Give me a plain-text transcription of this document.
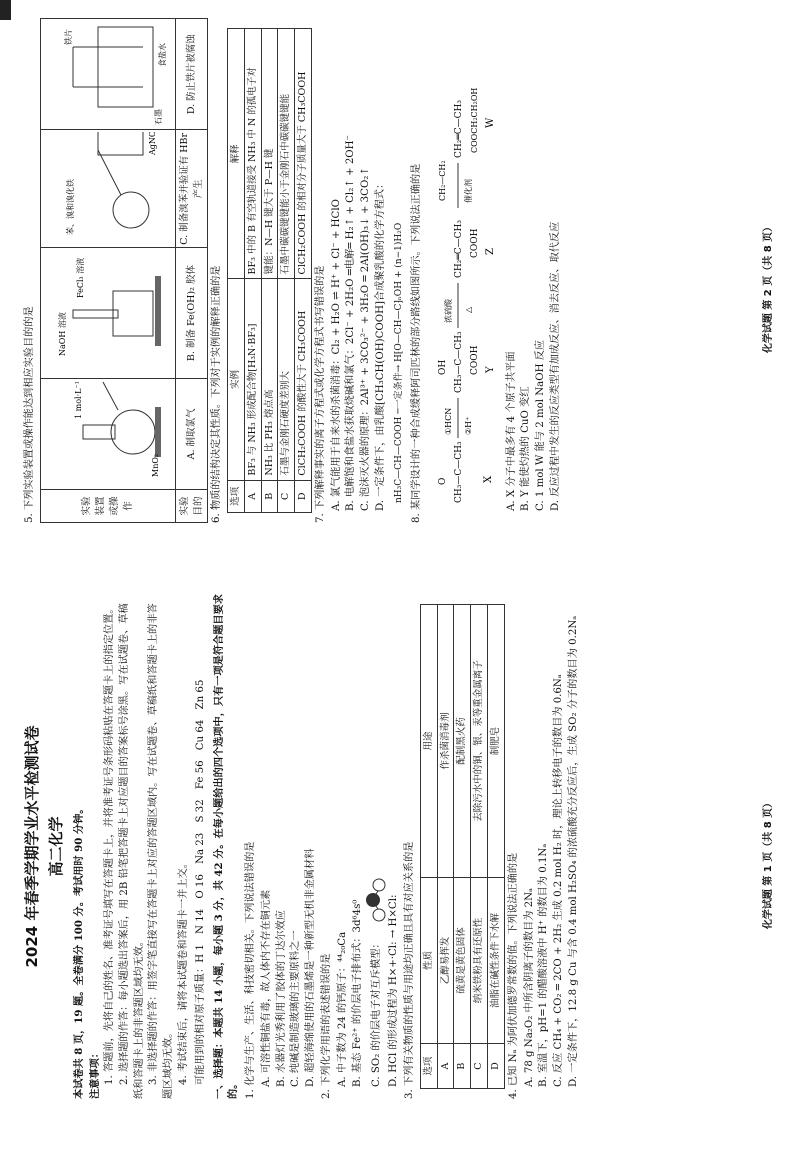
2024 年春季学期学业水平检测试卷 高二化学 本试卷共 8 页，19 题。全卷满分 100 分。考试用时 90 分钟。 注意事项： 1. 答题前，先将自己的姓名、准考证号填写在答题卡上，并将准考证号条形码粘贴在答题卡上的指定位置。 2. 选择题的作答：每小题选出答案后，用 2B 铅笔把答题卡上对应题目的答案标号涂黑。写在试题卷、草稿纸和答题卡上的非答题区域均无效。 3. 非选择题的作答：用签字笔直接写在答题卡上对应的答题区域内。写在试题卷、草稿纸和答题卡上的非答题区域均无效。 4. 考试结束后，请将本试题卷和答题卡一并上交。 可能用到的相对原子质量：H 1　N 14　O 16　Na 23　S 32　Fe 56　Cu 64　Zn 65 一、选择题：本题共 14 小题，每小题 3 分，共 42 分。在每小题给出的四个选项中，只有一项是符合题目要求的。 1. 化学与生产、生活、科技密切相关。下列说法错误的是 A. 可溶性铜盐有毒，故人体内不存在铜元素 B. 水器灯光秀利用了胶体的丁达尔效应 C. 纯碱是制造玻璃的主要原料之一 D. 超轻海绵使用的石墨烯是一种新型无机非金属材料 2. 下列化学用语的表述错误的是 A. 中子数为 24 的钙原子：⁴⁴₂₀Ca B. 基态 Fe²⁺ 的价层电子排布式：3d⁶4s⁰ C. SO₂ 的价层电子对互斥模型： D. HCl 的形成过程为 H×+·Cl: → H×Cl: 3. 下列有关物质的性质与用途均正确且具有对应关系的是 选项	性质	用途
A	乙醇易挥发	作杀菌消毒剂
B	硫黄是黄色固体	配制黑火药
C	纳米铁粉具有还原性	去除污水中的铜、银、汞等重金属离子
D	油脂在碱性条件下水解	制肥皂

4. 已知 Nₐ 为阿伏加德罗常数的值。下列说法正确的是 A. 78 g Na₂O₂ 中所含阴离子的数目为 2Nₐ B. 室温下，pH=1 的醋酸溶液中 H⁺ 的数目为 0.1Nₐ C. 反应 CH₄ + CO₂ ═ 2CO + 2H₂ 生成 0.2 mol H₂ 时，理论上转移电子的数目为 0.6Nₐ D. 一定条件下，12.8 g Cu 与含 0.4 mol H₂SO₄ 的浓硫酸充分反应后，生成 SO₂ 分子的数目为 0.2Nₐ	化学试题 第 1 页（共 8 页）

5. 下列实验装置或操作能达到相应实验目的的是	实验装置或操作	1 mol·L⁻¹ 盐酸
MnO₂	NaOH 溶液
FeCl₃ 溶液	苯、溴和溴化铁	铁片
石墨
食盐水

实验目的	A. 制取氯气	B. 制备 Fe(OH)₂ 胶体	C. 制备溴苯并验证有 HBr 产生	D. 防止铁片被腐蚀

6. 物质的结构决定其性质。下列对于实例的解释正确的是 选项	实例	解释
A	BF₃ 与 NH₃ 形成配合物[H₃N·BF₃]	BF₃ 中的 B 有空轨道接受 NH₃ 中 N 的孤电子对
B	NH₃ 比 PH₃ 熔点高	键能：N—H 键大于 P—H 键
C	石墨与金刚石硬度差别大	石墨中碳碳键键能小于金刚石中碳碳键键能
D	ClCH₂COOH 的酸性大于 CH₃COOH	ClCH₂COOH 的相对分子质量大于 CH₃COOH

7. 下列解释事实的离子方程式或化学方程式书写错误的是 A. 氯气能用于自来水的杀菌消毒：Cl₂ + H₂O ⇌ H⁺ + Cl⁻ + HClO B. 电解饱和食盐水获取烧碱和氯气：2Cl⁻ + 2H₂O ═电解═ H₂↑ + Cl₂↑ + 2OH⁻ C. 泡沫灭火器的原理：2Al³⁺ + 3CO₃²⁻ + 3H₂O ═ 2Al(OH)₃↓ + 3CO₂↑ D. 一定条件下，由乳酸[CH₃CH(OH)COOH]合成聚乳酸的化学方程式： nH₃C—CH—COOH ─一定条件→ H⁅O—CH—C⁆ₙOH + (n−1)H₂O 8. 某同学设计的一种合成缓释阿司匹林的部分路线如图所示。下列说法正确的是	CH₃—C—CH₃
O	X
①HCN ②H⁺
CH₃—C—CH₃
OH COOH Y
浓硫酸 △
CH₂═C—CH₃ COOH Z
催化剂
CH₂—CH₂
CH₂═C—CH₃ COOCH₂CH₂OH W

A. X 分子中最多有 4 个原子共平面 B. Y 能使灼热的 CuO 变红 C. 1 mol W 能与 2 mol NaOH 反应 D. 反应过程中发生的反应类型有加成反应、消去反应、取代反应	化学试题 第 2 页（共 8 页）
